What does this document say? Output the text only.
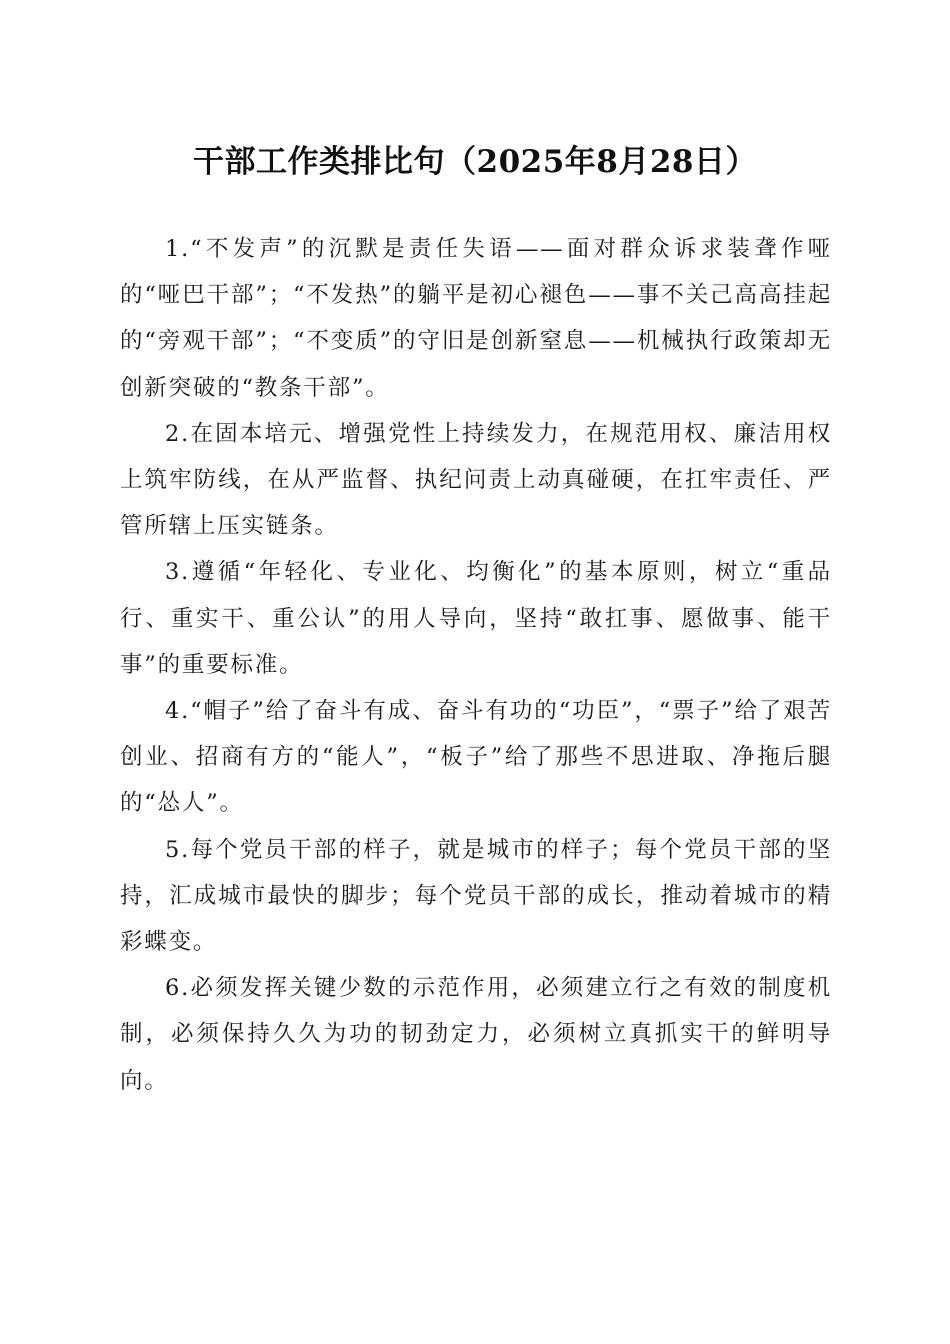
干部工作类排比句（2025年8月28日）

1.“不发声”的沉默是责任失语——面对群众诉求装聋作哑的“哑巴干部”；“不发热”的躺平是初心褪色——事不关己高高挂起的“旁观干部”；“不变质”的守旧是创新窒息——机械执行政策却无创新突破的“教条干部”。

2.在固本培元、增强党性上持续发力，在规范用权、廉洁用权上筑牢防线，在从严监督、执纪问责上动真碰硬，在扛牢责任、严管所辖上压实链条。

3.遵循“年轻化、专业化、均衡化”的基本原则，树立“重品行、重实干、重公认”的用人导向，坚持“敢扛事、愿做事、能干事”的重要标准。

4.“帽子”给了奋斗有成、奋斗有功的“功臣”，“票子”给了艰苦创业、招商有方的“能人”，“板子”给了那些不思进取、净拖后腿的“怂人”。

5.每个党员干部的样子，就是城市的样子；每个党员干部的坚持，汇成城市最快的脚步；每个党员干部的成长，推动着城市的精彩蝶变。

6.必须发挥关键少数的示范作用，必须建立行之有效的制度机制，必须保持久久为功的韧劲定力，必须树立真抓实干的鲜明导向。
